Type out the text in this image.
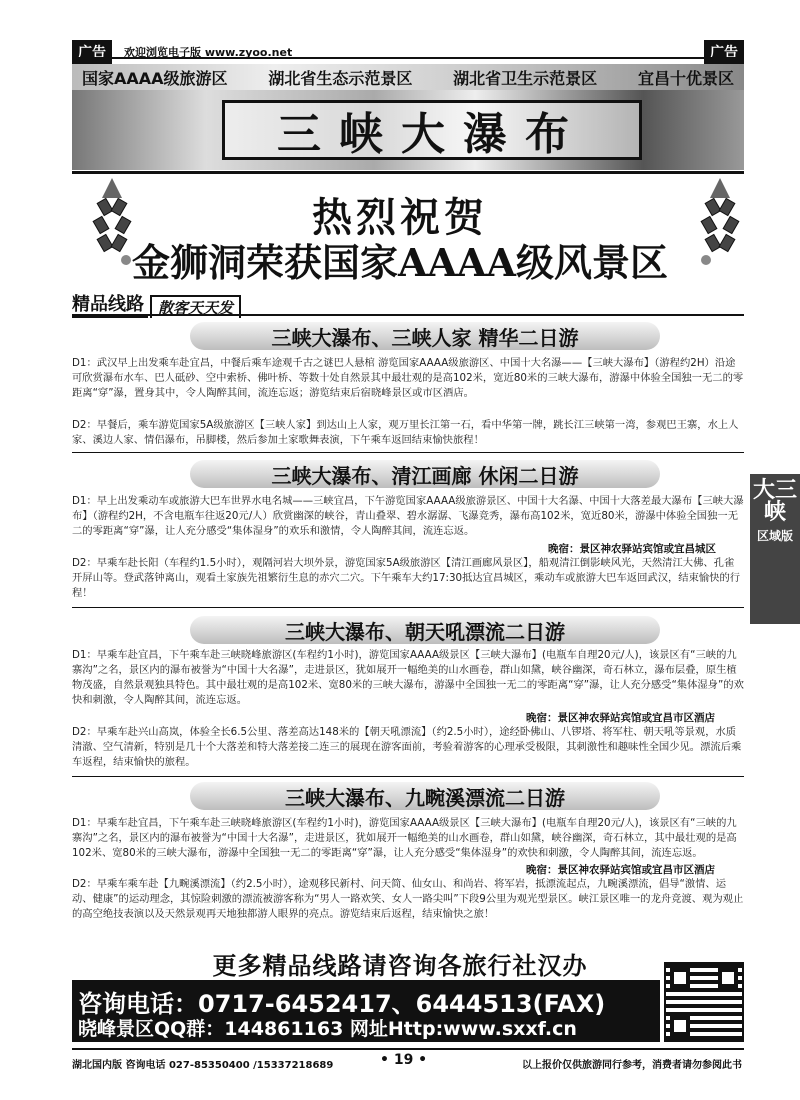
广告	欢迎浏览电子版 www.zyoo.net	广告
国家AAAA级旅游区	湖北省生态示范景区	湖北省卫生示范景区	宜昌十优景区
三峡大瀑布
热烈祝贺
金狮洞荣获国家AAAA级风景区
精品线路 散客天天发
三峡大瀑布、三峡人家 精华二日游
D1：武汉早上出发乘车赴宜昌，中餐后乘车途观千古之谜巴人悬棺 游览国家AAAA级旅游区、中国十大名瀑——【三峡大瀑布】（游程约2H）沿途可欣赏瀑布水车、巴人砥砂、空中索桥、佛叶桥、等数十处自然景其中最壮观的是高102米，宽近80米的三峡大瀑布，游瀑中体验全国独一无二的零距离“穿”瀑，置身其中，令人陶醉其间，流连忘返；游览结束后宿晓峰景区或市区酒店。
D2：早餐后，乘车游览国家5A级旅游区【三峡人家】到达山上人家，观万里长江第一石，看中华第一牌，跳长江三峡第一湾，参观巴王寨，水上人家、溪边人家、情侣瀑布，吊脚楼，然后参加土家歌舞表演，下午乘车返回结束愉快旅程！
三峡大瀑布、清江画廊 休闲二日游
D1：早上出发乘动车或旅游大巴车世界水电名城——三峡宜昌，下午游览国家AAAA级旅游景区、中国十大名瀑、中国十大落差最大瀑布【三峡大瀑布】（游程约2H，不含电瓶车往返20元/人）欣赏幽深的峡谷，青山叠翠、碧水潺潺、飞瀑竞秀，瀑布高102米，宽近80米，游瀑中体验全国独一无二的零距离“穿”瀑，让人充分感受“集体湿身”的欢乐和激情，令人陶醉其间，流连忘返。
晚宿：景区神农驿站宾馆或宜昌城区
D2：早乘车赴长阳（车程约1.5小时），观隔河岩大坝外景，游览国家5A级旅游区【清江画廊风景区】，船观清江倒影峡风光，天然清江大佛、孔雀开屏山等。登武落钟离山，观看土家族先祖繁衍生息的赤穴二穴。下午乘车大约17:30抵达宜昌城区，乘动车或旅游大巴车返回武汉，结束愉快的行程！
三峡大瀑布、朝天吼漂流二日游
D1：早乘车赴宜昌，下午乘车赴三峡晓峰旅游区(车程约1小时)，游览国家AAAA级景区【三峡大瀑布】(电瓶车自理20元/人)，该景区有“三峡的九寨沟”之名，景区内的瀑布被誉为“中国十大名瀑”，走进景区，犹如展开一幅绝美的山水画卷，群山如黛，峡谷幽深，奇石林立，瀑布层叠，原生植物茂盛，自然景观独具特色。其中最壮观的是高102米、宽80米的三峡大瀑布，游瀑中全国独一无二的零距离“穿”瀑，让人充分感受“集体湿身”的欢快和刺激，令人陶醉其间，流连忘返。
晚宿：景区神农驿站宾馆或宜昌市区酒店
D2：早乘车赴兴山高岚，体验全长6.5公里、落差高达148米的【朝天吼漂流】（约2.5小时），途经卧佛山、八锣塔、将军柱、朝天吼等景观，水质清澈、空气清新，特别是几十个大落差和特大落差接二连三的展现在游客面前，考验着游客的心理承受极限，其刺激性和趣味性全国少见。漂流后乘车返程，结束愉快的旅程。
三峡大瀑布、九畹溪漂流二日游
D1：早乘车赴宜昌，下午乘车赴三峡晓峰旅游区(车程约1小时)，游览国家AAAA级景区【三峡大瀑布】(电瓶车自理20元/人)，该景区有“三峡的九寨沟”之名，景区内的瀑布被誉为“中国十大名瀑”，走进景区，犹如展开一幅绝美的山水画卷，群山如黛，峡谷幽深，奇石林立，其中最壮观的是高102米、宽80米的三峡大瀑布，游瀑中全国独一无二的零距离“穿”瀑，让人充分感受“集体湿身”的欢快和刺激，令人陶醉其间，流连忘返。
晚宿：景区神农驿站宾馆或宜昌市区酒店
D2：早乘车乘车赴【九畹溪漂流】（约2.5小时），途观移民新村、问天简、仙女山、和尚岩、将军岩，抵漂流起点，九畹溪漂流，倡导“激情、运动、健康”的运动理念，其惊险刺激的漂流被游客称为“男人一路欢笑、女人一路尖叫”下段9公里为观光型景区。峡江景区唯一的龙舟竞渡、观为观止的高空绝技表演以及天然景观再天地独都游人眼界的亮点。游览结束后返程，结束愉快之旅！
更多精品线路请咨询各旅行社汉办
咨询电话：0717-6452417、6444513(FAX)
晓峰景区QQ群：144861163 网址Http:www.sxxf.cn
湖北国内版 咨询电话 027-85350400 /15337218689	• 19 •	以上报价仅供旅游同行参考，消费者请勿参阅此书
大三峡
区域版
